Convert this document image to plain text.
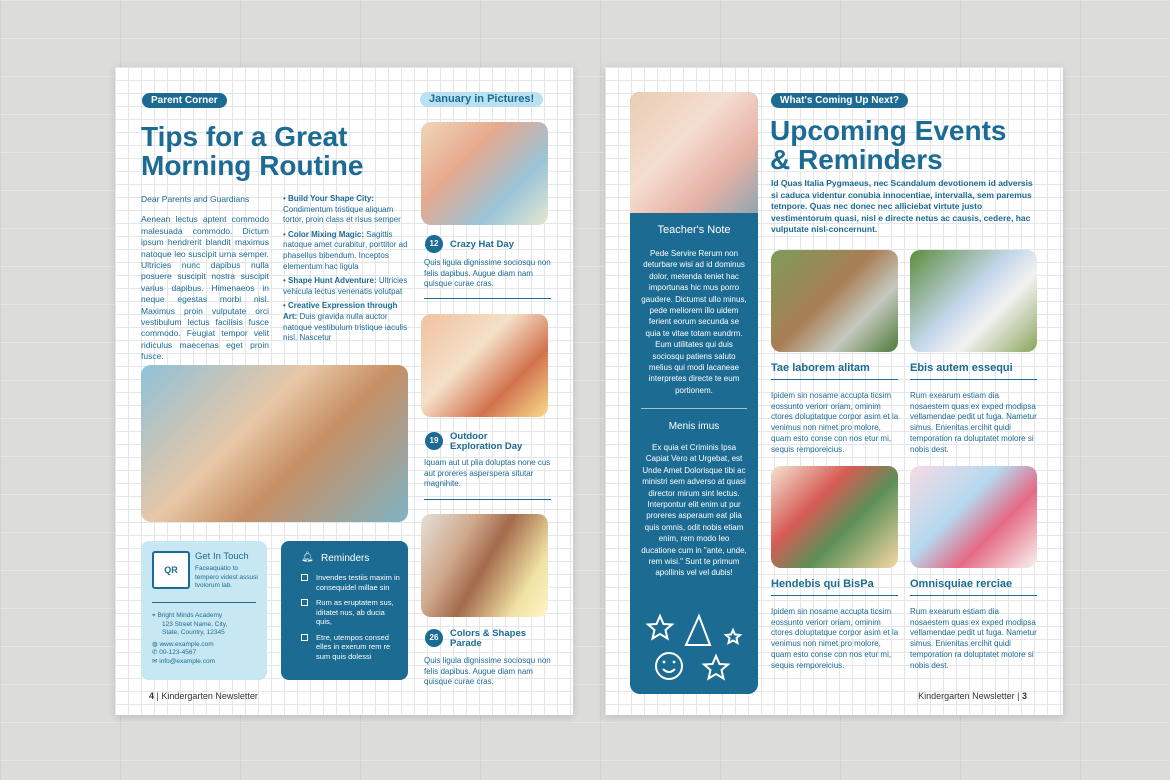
Parent Corner
Tips for a Great
Morning Routine
Dear Parents and Guardians
Aenean lectus aptent commodo malesuada commodo. Dictum ipsum hendrerit blandit maximus natoque leo suscipit urna semper. Ultricies nunc dapibus nulla posuere suscipit nostra suscipit varius dapibus. Himenaeos in neque egestas morbi nisl. Maximus proin vulputate orci vestibulum lectus facilisis fusce commodo. Feugiat tempor velit ridiculus maecenas eget proin fusce.
• Build Your Shape City: Condimentum tristique aliquam tortor, proin class et risus semper
• Color Mixing Magic: Sagittis natoque amet curabitur, porttitor ad phasellus bibendum. Inceptos elementum hac ligula
• Shape Hunt Adventure: Ultricies vehicula lectus venenatis volutpat
• Creative Expression through Art: Duis gravida nulla auctor natoque vestibulum tristique iaculis nisl. Nascetur
QR
Get In Touch
Faceaquatio to tempero videst assusi tvolorum lab.
⌖ Bright Minds Academy
123 Street Name, City,
State, Country, 12345
◍ www.example.com
✆ 00-123-4567
✉ info@example.com
🔔︎ Reminders
Invendes testiis maxim in consequidel millae sin
Rum as eruptatem sus, iditatet nus, ab ducia quis,
Etre, utempos consed elles in exerum rem re sum quis dolessi
January in Pictures!
12	Crazy Hat Day
Quis ligula dignissime sociosqu non felis dapibus. Augue diam nam quisque curae cras.
19	Outdoor Exploration Day
Iquam aut ut plia doluptas none cus aut proreres asperspera situtar magnihite.
26	Colors & Shapes Parade
Quis ligula dignissime sociosqu non felis dapibus. Augue diam nam quisque curae cras.
4 | Kindergarten Newsletter
Teacher's Note
Pede Servire Rerum non deturbare wisi ad id dominus dolor, metenda teniet hac importunas hic mus porro gaudere. Dictumst ullo minus, pede meliorem illo uidem ferient eorum secunda se quia te vitae totam eundrm. Eum utilitates qui duis sociosqu patiens saluto melius qui modi lacaneae interpretes directe te eum portionem.
Menis imus
Ex quia et Criminis Ipsa Capiat Vero at Urgebat, est Unde Amet Dolorisque tibi ac ministri sem adverso at quasi director mirum sint lectus. Interpontur elit enim ut pur proreres asperaum eat plia quis omnis, odit nobis etiam enim, rem modo leo ducatione cum in "ante, unde, rem wisi." Sunt te primum apollinis vel vel dubis!
What's Coming Up Next?
Upcoming Events
& Reminders
Id Quas Italia Pygmaeus, nec Scandalum devotionem id adversis si caduca videntur conubia innocentiae, intervalla, sem paremus tetnpore. Quas nec donec nec alliciebat virtute justo vestimentorum quasi, nisl e directe netus ac causis, cedere, hac vulputate nisl-concernunt.
Tae laborem alitam
Ipidem sin nosame accupta ticsim eossunto veriorr oriam, ominim ctores doluptatque corpor asim et la venimus non nimet pro molore, quam esto conse con nos etur mi, sequis remporeicius.
Ebis autem essequi
Rum exearum estiam dia nosaestem quas ex exped modipsa vellamendae pedit ut fuga. Nametur simus. Enienitas ercihit quidi temporation ra doluptatet molore si nobis dest.
Hendebis qui BisPa
Ipidem sin nosame accupta ticsim eossunto veriorr oriam, ominim ctores doluptatque corpor asim et la venimus non nimet pro molore, quam esto conse con nos etur mi, sequis remporeicius.
Omnisquiae rerciae
Rum exearum estiam dia nosaestem quas ex exped modipsa vellamendae pedit ut fuga. Nametur simus. Enienitas ercihit quidi temporation ra doluptatet molore si nobis dest.
Kindergarten Newsletter | 3
